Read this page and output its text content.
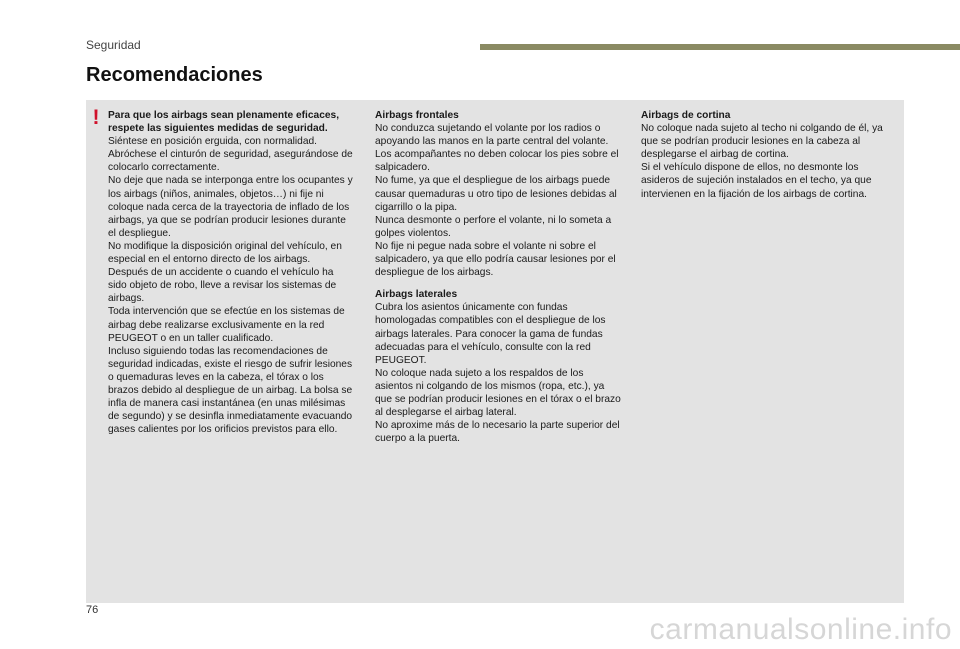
Seguridad
Recomendaciones
!

Para que los airbags sean plenamente eficaces, respete las siguientes medidas de seguridad.

Siéntese en posición erguida, con normalidad.
Abróchese el cinturón de seguridad, asegurándose de colocarlo correctamente.
No deje que nada se interponga entre los ocupantes y los airbags (niños, animales, objetos…) ni fije ni coloque nada cerca de la trayectoria de inflado de los airbags, ya que se podrían producir lesiones durante el despliegue.
No modifique la disposición original del vehículo, en especial en el entorno directo de los airbags.
Después de un accidente o cuando el vehículo ha sido objeto de robo, lleve a revisar los sistemas de airbags.
Toda intervención que se efectúe en los sistemas de airbag debe realizarse exclusivamente en la red PEUGEOT o en un taller cualificado.
Incluso siguiendo todas las recomendaciones de seguridad indicadas, existe el riesgo de sufrir lesiones o quemaduras leves en la cabeza, el tórax o los brazos debido al despliegue de un airbag. La bolsa se infla de manera casi instantánea (en unas milésimas de segundo) y se desinfla inmediatamente evacuando gases calientes por los orificios previstos para ello.

Airbags frontales

No conduzca sujetando el volante por los radios o apoyando las manos en la parte central del volante.
Los acompañantes no deben colocar los pies sobre el salpicadero.
No fume, ya que el despliegue de los airbags puede causar quemaduras u otro tipo de lesiones debidas al cigarrillo o la pipa.
Nunca desmonte o perfore el volante, ni lo someta a golpes violentos.
No fije ni pegue nada sobre el volante ni sobre el salpicadero, ya que ello podría causar lesiones por el despliegue de los airbags.

Airbags laterales

Cubra los asientos únicamente con fundas homologadas compatibles con el despliegue de los airbags laterales. Para conocer la gama de fundas adecuadas para el vehículo, consulte con la red PEUGEOT.
No coloque nada sujeto a los respaldos de los asientos ni colgando de los mismos (ropa, etc.), ya que se podrían producir lesiones en el tórax o el brazo al desplegarse el airbag lateral.
No aproxime más de lo necesario la parte superior del cuerpo a la puerta.

Airbags de cortina

No coloque nada sujeto al techo ni colgando de él, ya que se podrían producir lesiones en la cabeza al desplegarse el airbag de cortina.
Si el vehículo dispone de ellos, no desmonte los asideros de sujeción instalados en el techo, ya que intervienen en la fijación de los airbags de cortina.

76
carmanualsonline.info
